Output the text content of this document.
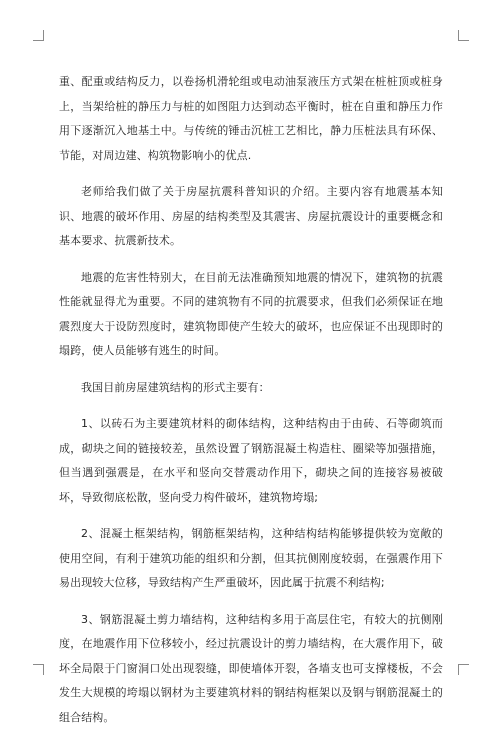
重、配重或结构反力，以卷扬机滑轮组或电动油泵液压方式架在桩桩顶或桩身上，当架给桩的静压力与桩的如图阻力达到动态平衡时，桩在自重和静压力作用下逐渐沉入地基土中。与传统的锤击沉桩工艺相比，静力压桩法具有环保、节能，对周边建、构筑物影响小的优点.

老师给我们做了关于房屋抗震科普知识的介绍。主要内容有地震基本知识、地震的破坏作用、房屋的结构类型及其震害、房屋抗震设计的重要概念和基本要求、抗震新技术。

地震的危害性特别大，在目前无法准确预知地震的情况下，建筑物的抗震性能就显得尤为重要。不同的建筑物有不同的抗震要求，但我们必须保证在地震烈度大于设防烈度时，建筑物即使产生较大的破坏，也应保证不出现即时的塌跨，使人员能够有逃生的时间。

我国目前房屋建筑结构的形式主要有：

1、以砖石为主要建筑材料的砌体结构，这种结构由于由砖、石等砌筑而成，砌块之间的链接较差，虽然设置了钢筋混凝土构造柱、圈梁等加强措施，但当遇到强震是，在水平和竖向交替震动作用下，砌块之间的连接容易被破坏，导致彻底松散，竖向受力构件破坏，建筑物垮塌;

2、混凝土框架结构，钢筋框架结构，这种结构结构能够提供较为宽敞的使用空间，有利于建筑功能的组织和分割，但其抗侧刚度较弱，在强震作用下易出现较大位移，导致结构产生严重破坏，因此属于抗震不利结构;

3、钢筋混凝土剪力墙结构，这种结构多用于高层住宅，有较大的抗侧刚度，在地震作用下位移较小，经过抗震设计的剪力墙结构，在大震作用下，破坏全局限于门窗洞口处出现裂缝，即使墙体开裂，各墙支也可支撑楼板，不会发生大规模的垮塌以钢材为主要建筑材料的钢结构框架以及钢与钢筋混凝土的组合结构。
